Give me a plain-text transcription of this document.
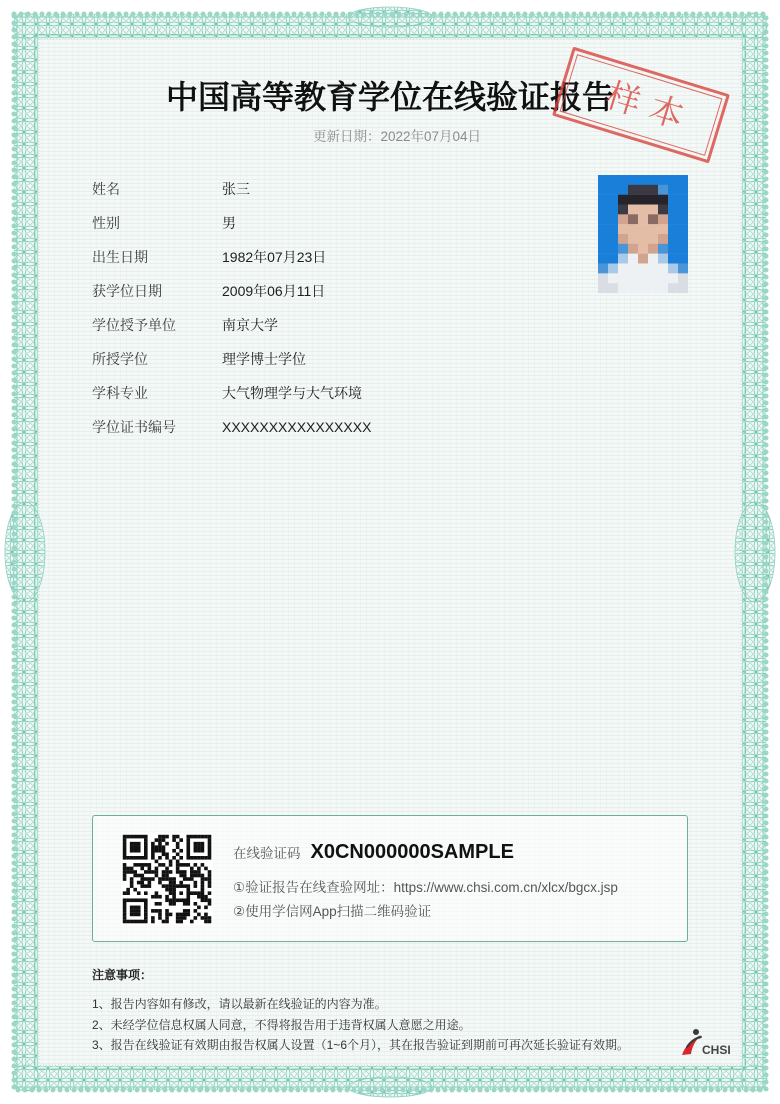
中国高等教育学位在线验证报告
更新日期：2022年07月04日	样 本
姓名	张三
性别	男
出生日期	1982年07月23日
获学位日期	2009年06月11日
学位授予单位	南京大学
所授学位	理学博士学位
学科专业	大气物理学与大气环境
学位证书编号	XXXXXXXXXXXXXXXX
在线验证码 X0CN000000SAMPLE
①验证报告在线查验网址：https://www.chsi.com.cn/xlcx/bgcx.jsp
②使用学信网App扫描二维码验证
注意事项：
1、报告内容如有修改，请以最新在线验证的内容为准。
2、未经学位信息权属人同意，不得将报告用于违背权属人意愿之用途。
3、报告在线验证有效期由报告权属人设置（1~6个月），其在报告验证到期前可再次延长验证有效期。	CHSI
